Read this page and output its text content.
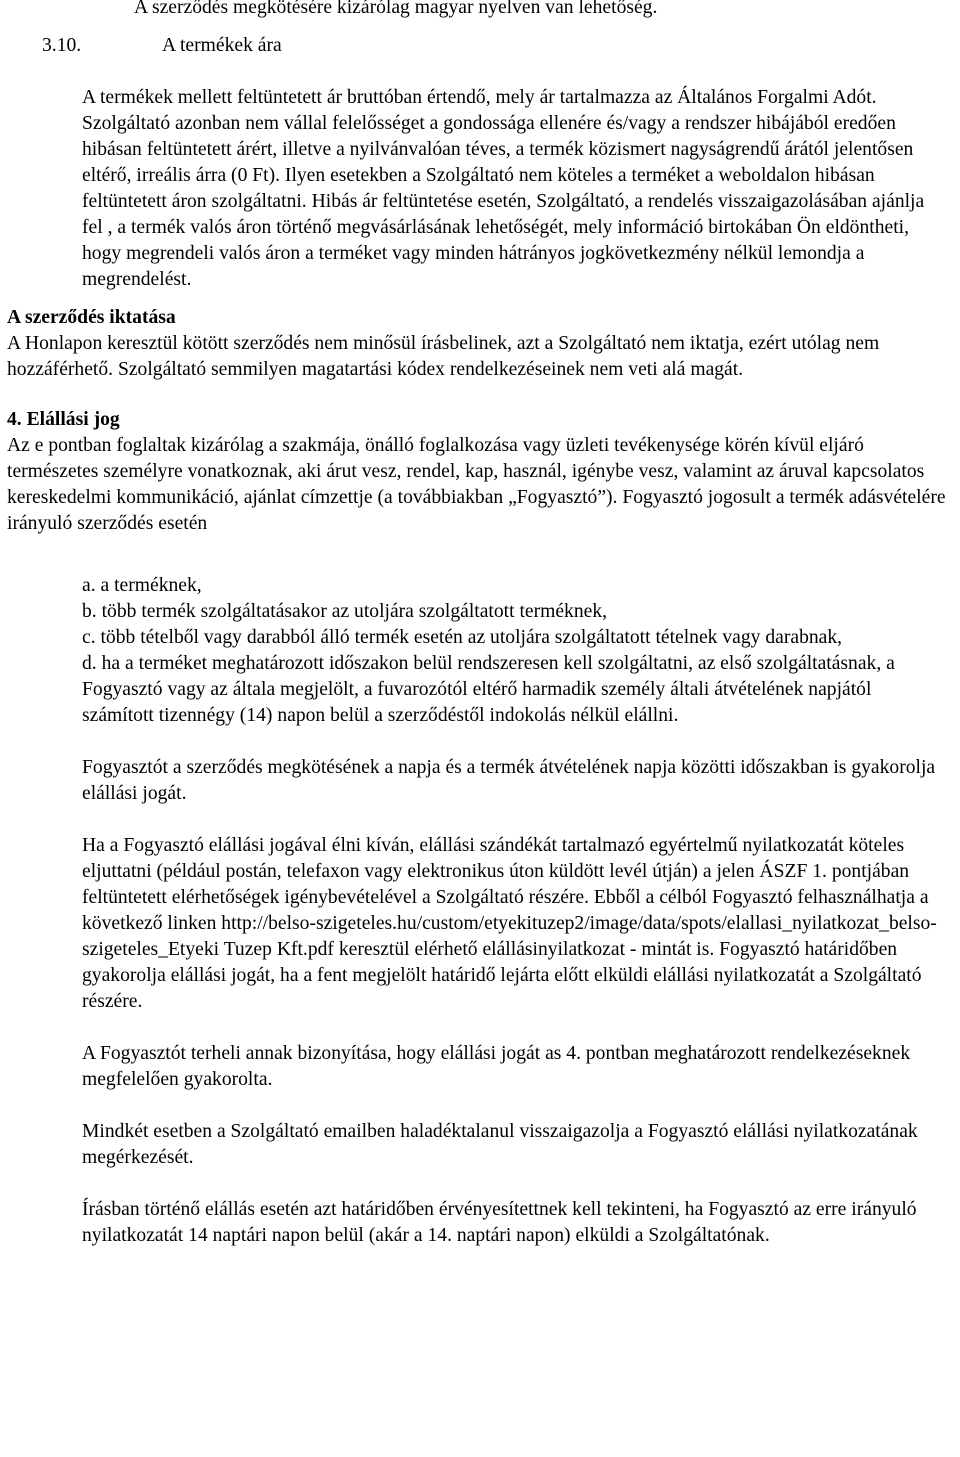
A szerződés megkötésére kizárólag magyar nyelven van lehetőség.

3.10.	A termékek ára

A termékek mellett feltüntetett ár bruttóban értendő, mely ár tartalmazza az Általános Forgalmi Adót. Szolgáltató azonban nem vállal felelősséget a gondossága ellenére és/vagy a rendszer hibájából eredően hibásan feltüntetett árért, illetve a nyilvánvalóan téves, a termék közismert nagyságrendű árától jelentősen eltérő, irreális árra (0 Ft). Ilyen esetekben a Szolgáltató nem köteles a terméket a weboldalon hibásan feltüntetett áron szolgáltatni. Hibás ár feltüntetése esetén, Szolgáltató, a rendelés visszaigazolásában ajánlja fel , a termék valós áron történő megvásárlásának lehetőségét, mely információ birtokában Ön eldöntheti, hogy megrendeli valós áron a terméket vagy minden hátrányos jogkövetkezmény nélkül lemondja a megrendelést.

A szerződés iktatása

A Honlapon keresztül kötött szerződés nem minősül írásbelinek, azt a Szolgáltató nem iktatja, ezért utólag nem hozzáférhető. Szolgáltató semmilyen magatartási kódex rendelkezéseinek nem veti alá magát.

4. Elállási jog

Az e pontban foglaltak kizárólag a szakmája, önálló foglalkozása vagy üzleti tevékenysége körén kívül eljáró természetes személyre vonatkoznak, aki árut vesz, rendel, kap, használ, igénybe vesz, valamint az áruval kapcsolatos kereskedelmi kommunikáció, ajánlat címzettje (a továbbiakban „Fogyasztó”). Fogyasztó jogosult a termék adásvételére irányuló szerződés esetén

a. a terméknek,

b. több termék szolgáltatásakor az utoljára szolgáltatott terméknek,

c. több tételből vagy darabból álló termék esetén az utoljára szolgáltatott tételnek vagy darabnak,

d. ha a terméket meghatározott időszakon belül rendszeresen kell szolgáltatni, az első szolgáltatásnak, a Fogyasztó vagy az általa megjelölt, a fuvarozótól eltérő harmadik személy általi átvételének napjától számított tizennégy (14) napon belül a szerződéstől indokolás nélkül elállni.

Fogyasztót a szerződés megkötésének a napja és a termék átvételének napja közötti időszakban is gyakorolja elállási jogát.

Ha a Fogyasztó elállási jogával élni kíván, elállási szándékát tartalmazó egyértelmű nyilatkozatát köteles eljuttatni (például postán, telefaxon vagy elektronikus úton küldött levél útján) a jelen ÁSZF 1. pontjában feltüntetett elérhetőségek igénybevételével a Szolgáltató részére. Ebből a célból Fogyasztó felhasználhatja a következő linken http://belso-szigeteles.hu/custom/etyekituzep2/image/data/spots/elallasi_nyilatkozat_belso-szigeteles_Etyeki Tuzep Kft.pdf keresztül elérhető elállásinyilatkozat - mintát is. Fogyasztó határidőben gyakorolja elállási jogát, ha a fent megjelölt határidő lejárta előtt elküldi elállási nyilatkozatát a Szolgáltató részére.

A Fogyasztót terheli annak bizonyítása, hogy elállási jogát as 4. pontban meghatározott rendelkezéseknek megfelelően gyakorolta.

Mindkét esetben a Szolgáltató emailben haladéktalanul visszaigazolja a Fogyasztó elállási nyilatkozatának megérkezését.

Írásban történő elállás esetén azt határidőben érvényesítettnek kell tekinteni, ha Fogyasztó az erre irányuló nyilatkozatát 14 naptári napon belül (akár a 14. naptári napon) elküldi a Szolgáltatónak.
